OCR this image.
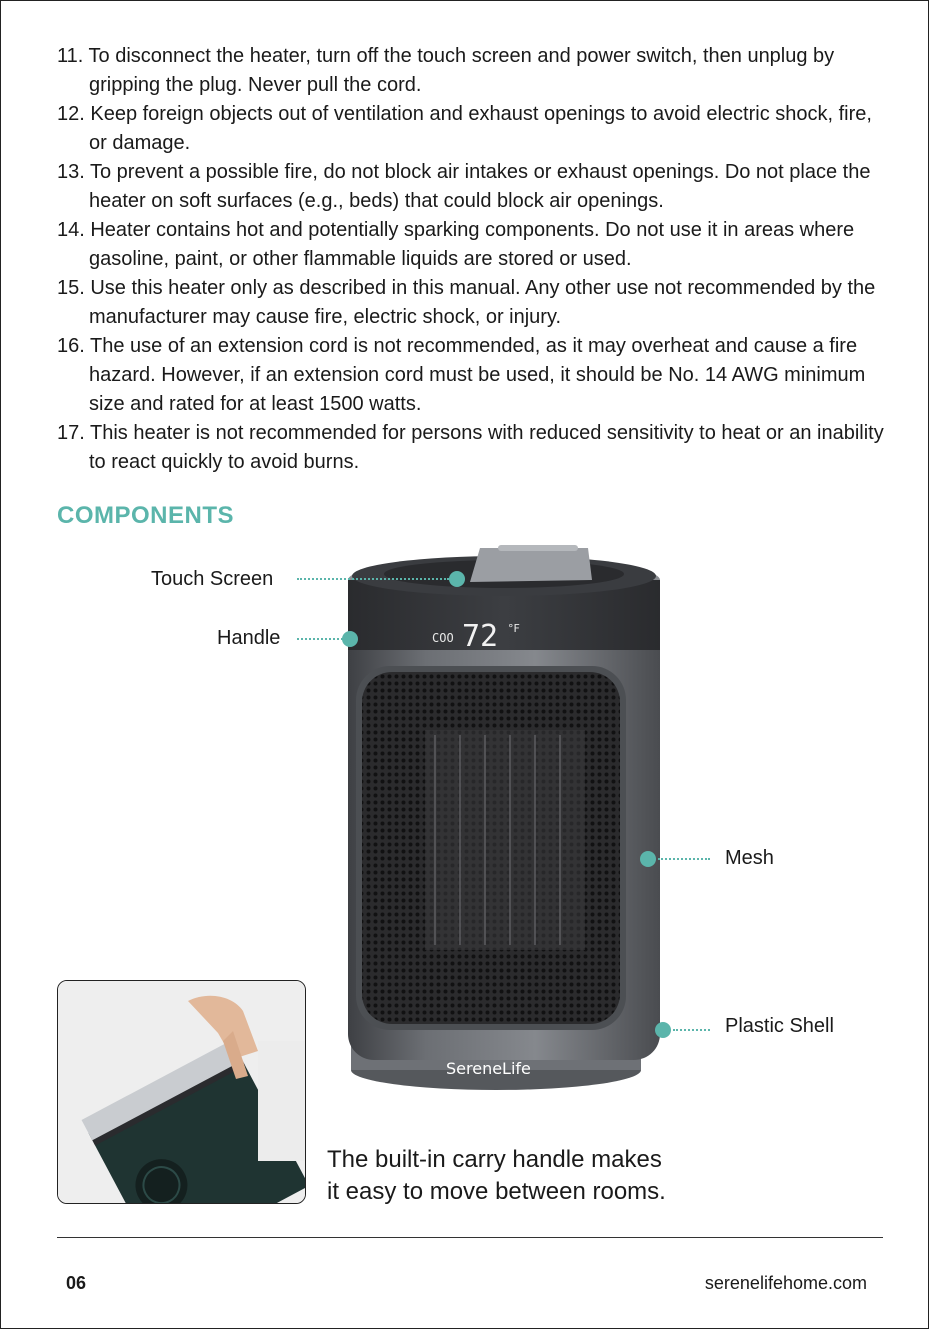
11. To disconnect the heater, turn off the touch screen and power switch, then unplug by gripping the plug. Never pull the cord.
12. Keep foreign objects out of ventilation and exhaust openings to avoid electric shock, fire, or damage.
13. To prevent a possible fire, do not block air intakes or exhaust openings. Do not place the heater on soft surfaces (e.g., beds) that could block air openings.
14. Heater contains hot and potentially sparking components. Do not use it in areas where gasoline, paint, or other flammable liquids are stored or used.
15. Use this heater only as described in this manual. Any other use not recommended by the manufacturer may cause fire, electric shock, or injury.
16. The use of an extension cord is not recommended, as it may overheat and cause a fire hazard. However, if an extension cord must be used, it should be No. 14 AWG minimum size and rated for at least 1500 watts.
17. This heater is not recommended for persons with reduced sensitivity to heat or an inability to react quickly to avoid burns.
COMPONENTS
COO 72 °F
SereneLife
Touch Screen
Handle
Mesh
Plastic Shell
The built-in carry handle makes
it easy to move between rooms.
06	serenelifehome.com
